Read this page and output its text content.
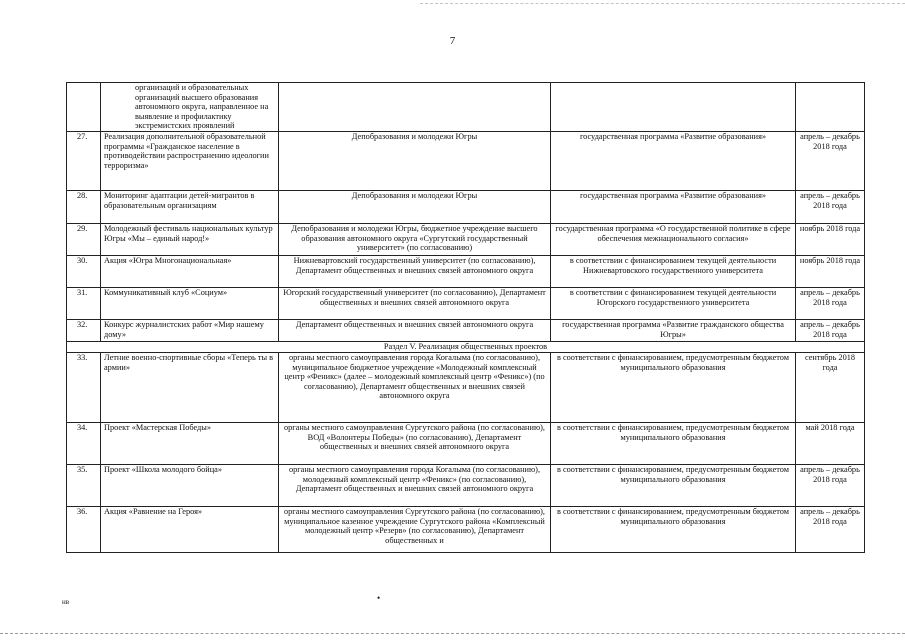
7
	организаций и образовательных организаций высшего образования автономного округа, направленное на выявление и профилактику экстремистских проявлений			
27.	Реализация дополнительной образовательной программы «Гражданское население в противодействии распространению идеологии терроризма»	Депобразования и молодежи Югры	государственная программа «Развитие образования»	апрель – декабрь 2018 года
28.	Мониторинг адаптации детей-мигрантов в образовательным организациям	Депобразования и молодежи Югры	государственная программа «Развитие образования»	апрель – декабрь 2018 года
29.	Молодежный фестиваль национальных культур Югры «Мы – единый народ!»	Депобразования и молодежи Югры, бюджетное учреждение высшего образования автономного округа «Сургутский государственный университет» (по согласованию)	государственная программа «О государственной политике в сфере обеспечения межнационального согласия»	ноябрь 2018 года
30.	Акция «Югра Многонациональная»	Нижневартовский государственный университет (по согласованию), Департамент общественных и внешних связей автономного округа	в соответствии с финансированием текущей деятельности Нижневартовского государственного университета	ноябрь 2018 года
31.	Коммуникативный клуб «Социум»	Югорский государственный университет (по согласованию), Департамент общественных и внешних связей автономного округа	в соответствии с финансированием текущей деятельности Югорского государственного университета	апрель – декабрь 2018 года
32.	Конкурс журналистских работ «Мир нашему дому»	Департамент общественных и внешних связей автономного округа	государственная программа «Развитие гражданского общества Югры»	апрель – декабрь 2018 года
Раздел V. Реализация общественных проектов				
33.	Летние военно-спортивные сборы «Теперь ты в армии»	органы местного самоуправления города Когалыма (по согласованию), муниципальное бюджетное учреждение «Молодежный комплексный центр «Феникс» (далее – молодежный комплексный центр «Феникс») (по согласованию), Департамент общественных и внешних связей автономного округа	в соответствии с финансированием, предусмотренным бюджетом муниципального образования	сентябрь 2018 года
34.	Проект «Мастерская Победы»	органы местного самоуправления Сургутского района (по согласованию), ВОД «Волонтеры Победы» (по согласованию), Департамент общественных и внешних связей автономного округа	в соответствии с финансированием, предусмотренным бюджетом муниципального образования	май 2018 года
35.	Проект «Школа молодого бойца»	органы местного самоуправления города Когалыма (по согласованию), молодежный комплексный центр «Феникс» (по согласованию), Департамент общественных и внешних связей автономного округа	в соответствии с финансированием, предусмотренным бюджетом муниципального образования	апрель – декабрь 2018 года
36.	Акция «Равнение на Героя»	органы местного самоуправления Сургутского района (по согласованию), муниципальное казенное учреждение Сургутского района «Комплексный молодежный центр «Резерв» (по согласованию), Департамент общественных и	в соответствии с финансированием, предусмотренным бюджетом муниципального образования	апрель – декабрь 2018 года
•
нв
